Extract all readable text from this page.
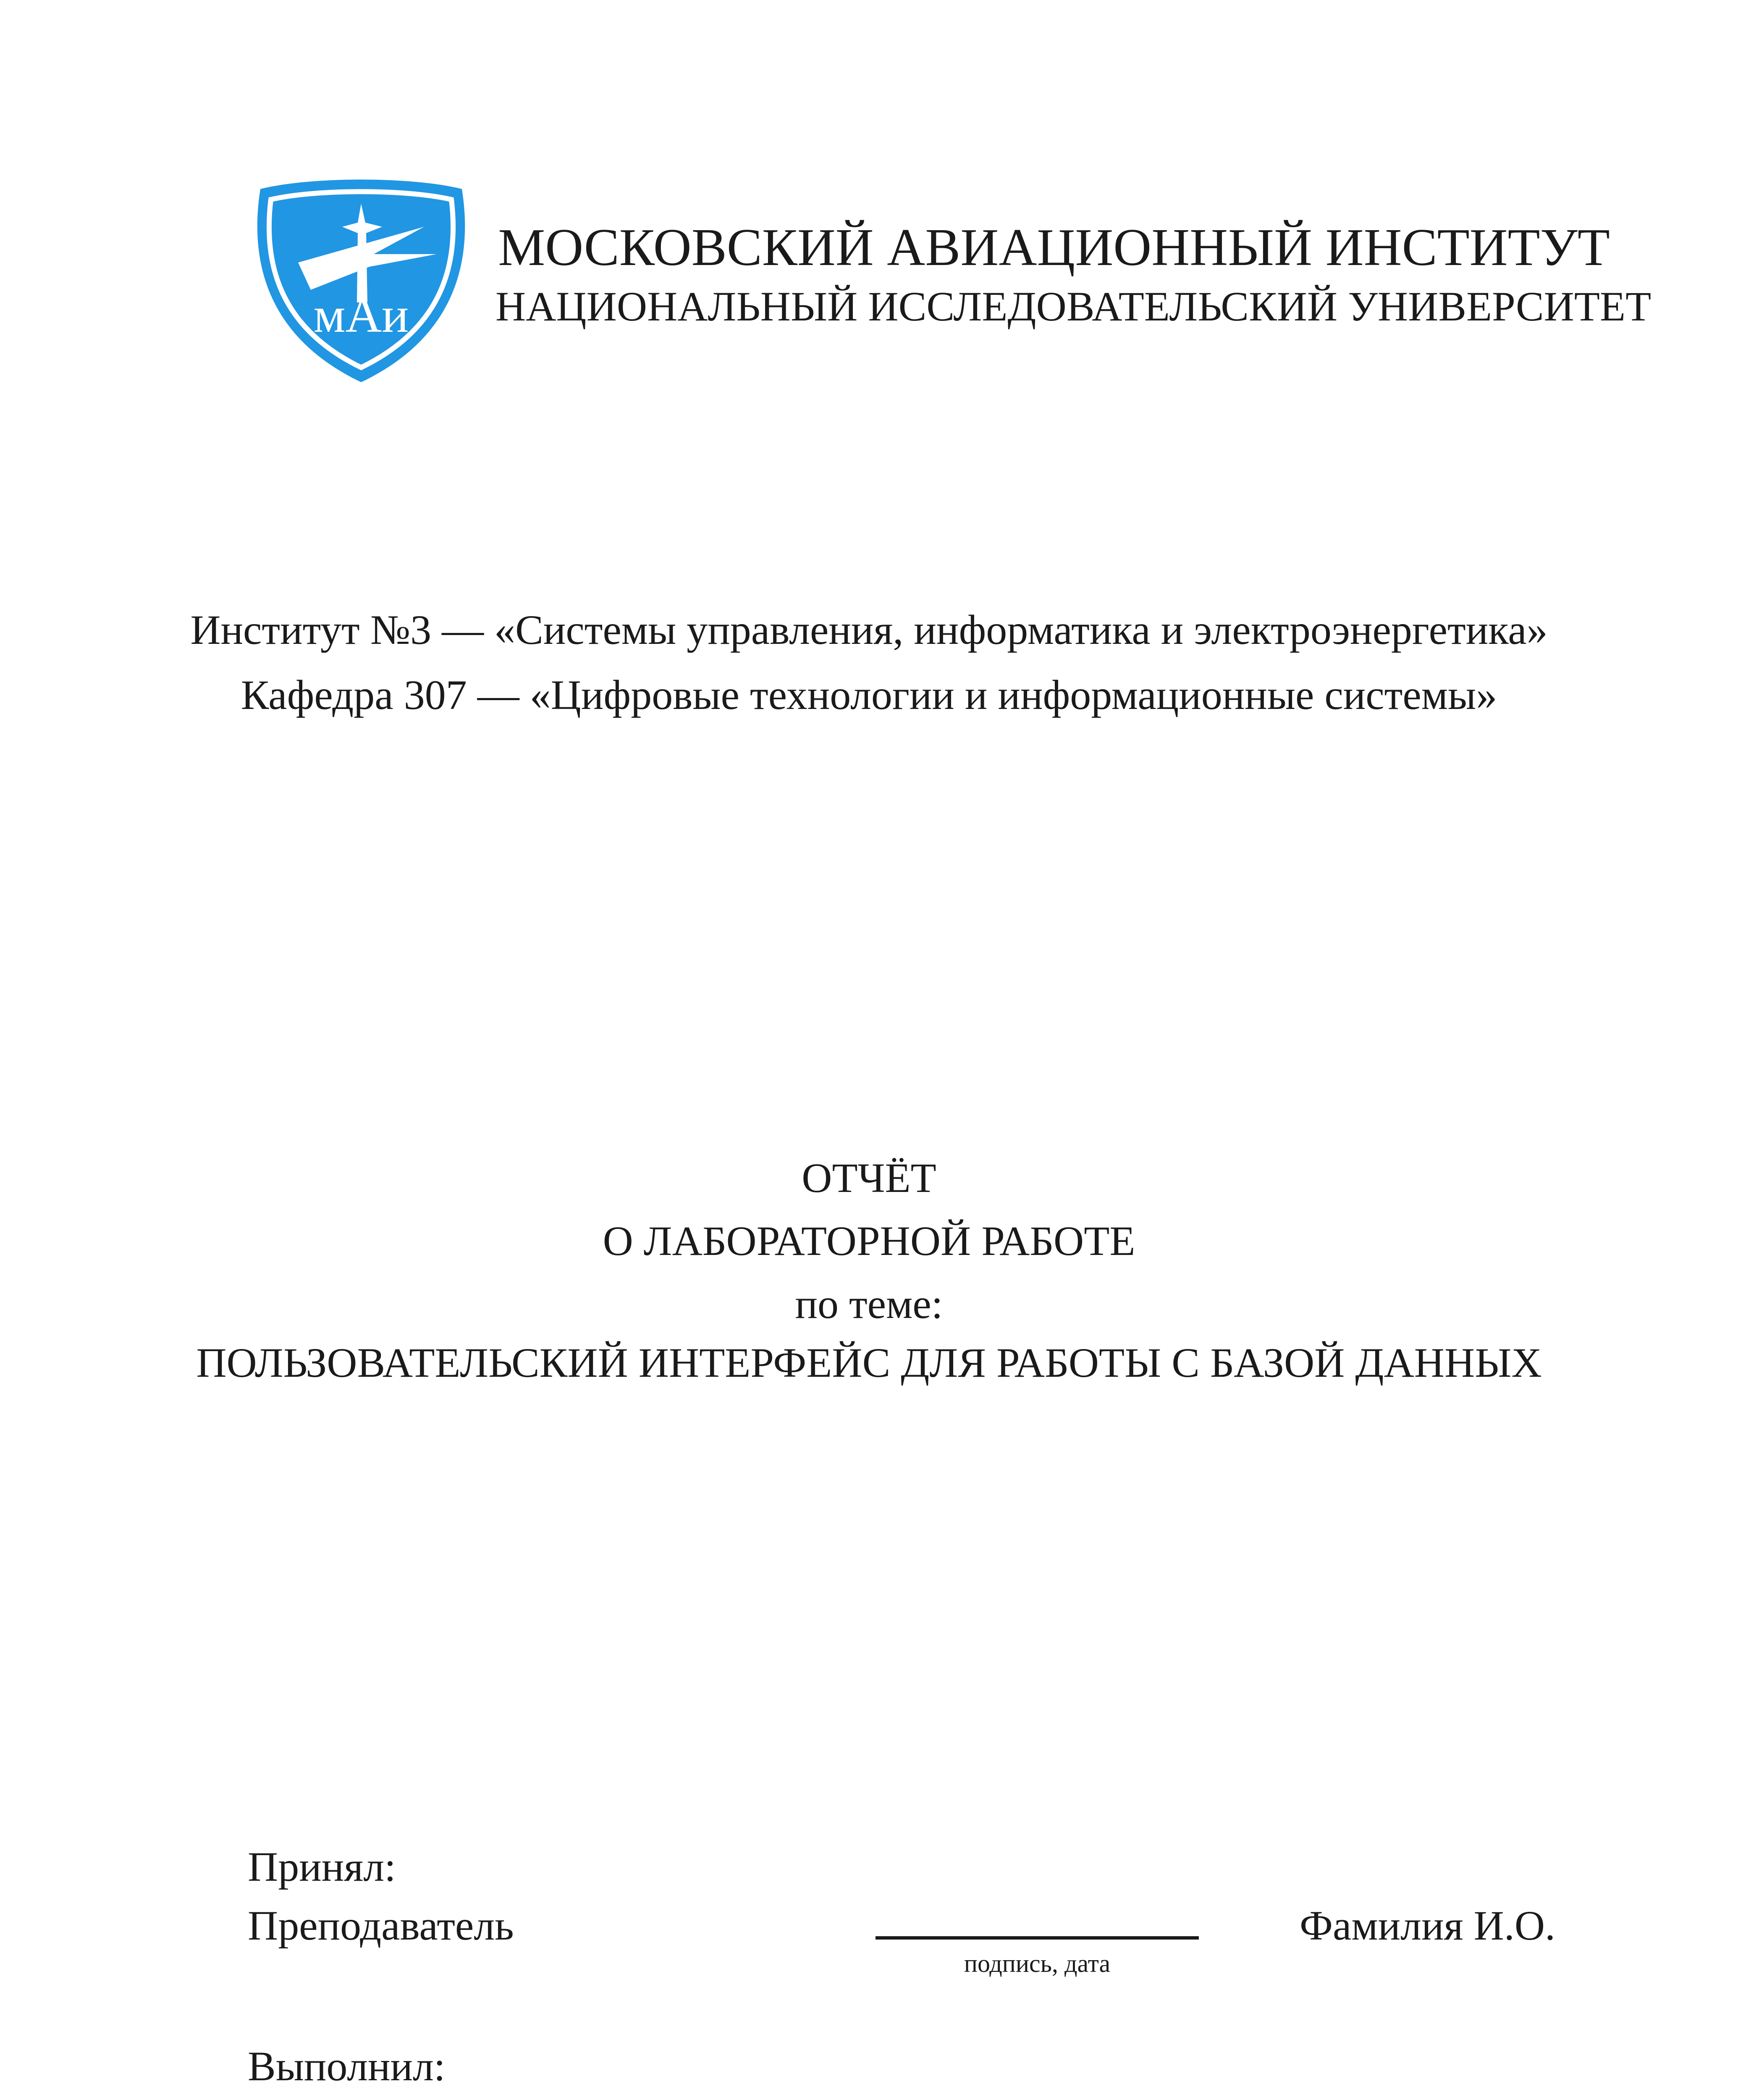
мАи
МОСКОВСКИЙ АВИАЦИОННЫЙ ИНСТИТУТ
НАЦИОНАЛЬНЫЙ ИССЛЕДОВАТЕЛЬСКИЙ УНИВЕРСИТЕТ
Институт №3 — «Системы управления, информатика и электроэнергетика»
Кафедра 307 — «Цифровые технологии и информационные системы»
ОТЧЁТ
О ЛАБОРАТОРНОЙ РАБОТЕ
по теме:
ПОЛЬЗОВАТЕЛЬСКИЙ ИНТЕРФЕЙС ДЛЯ РАБОТЫ С БАЗОЙ ДАННЫХ
Принял:
Преподаватель
подпись, дата
Фамилия И.О.
Выполнил:
